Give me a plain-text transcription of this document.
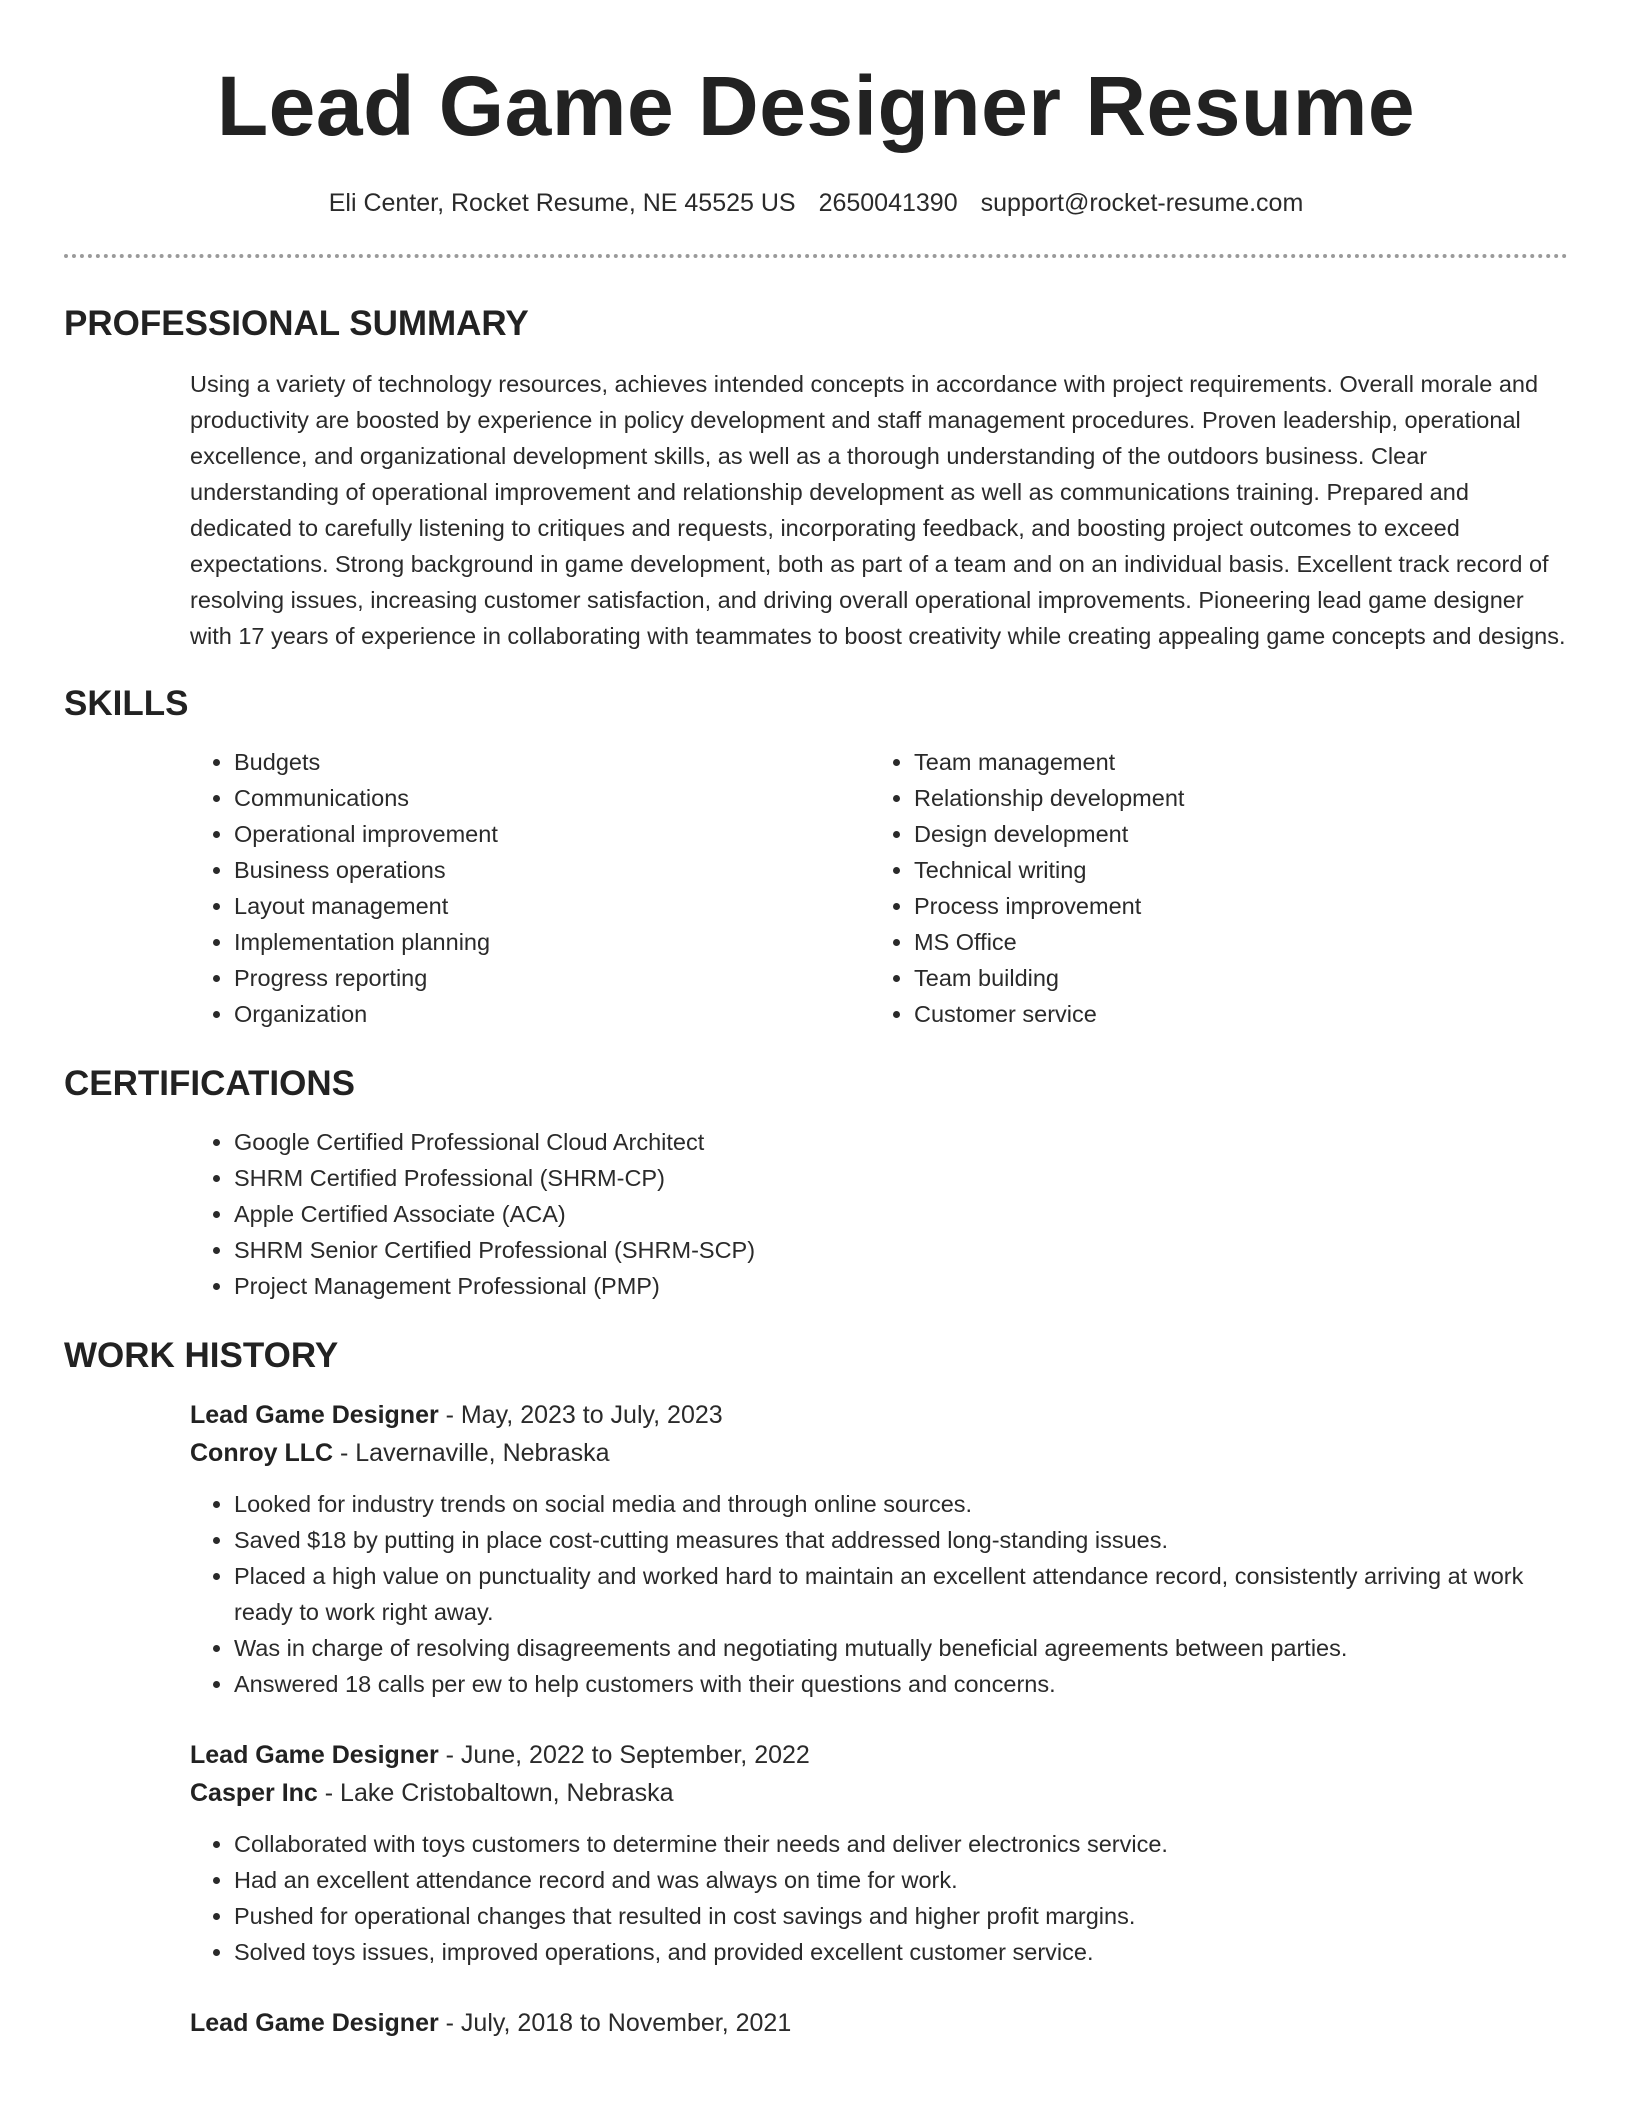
Lead Game Designer Resume
Eli Center, Rocket Resume, NE 45525 US 2650041390 support@rocket-resume.com
PROFESSIONAL SUMMARY
Using a variety of technology resources, achieves intended concepts in accordance with project requirements. Overall morale and productivity are boosted by experience in policy development and staff management procedures. Proven leadership, operational excellence, and organizational development skills, as well as a thorough understanding of the outdoors business. Clear understanding of operational improvement and relationship development as well as communications training. Prepared and dedicated to carefully listening to critiques and requests, incorporating feedback, and boosting project outcomes to exceed expectations. Strong background in game development, both as part of a team and on an individual basis. Excellent track record of resolving issues, increasing customer satisfaction, and driving overall operational improvements. Pioneering lead game designer with 17 years of experience in collaborating with teammates to boost creativity while creating appealing game concepts and designs.
SKILLS
• Budgets
• Communications
• Operational improvement
• Business operations
• Layout management
• Implementation planning
• Progress reporting
• Organization
• Team management
• Relationship development
• Design development
• Technical writing
• Process improvement
• MS Office
• Team building
• Customer service
CERTIFICATIONS
• Google Certified Professional Cloud Architect
• SHRM Certified Professional (SHRM-CP)
• Apple Certified Associate (ACA)
• SHRM Senior Certified Professional (SHRM-SCP)
• Project Management Professional (PMP)
WORK HISTORY
Lead Game Designer - May, 2023 to July, 2023
Conroy LLC - Lavernaville, Nebraska
• Looked for industry trends on social media and through online sources.
• Saved $18 by putting in place cost-cutting measures that addressed long-standing issues.
• Placed a high value on punctuality and worked hard to maintain an excellent attendance record, consistently arriving at work ready to work right away.
• Was in charge of resolving disagreements and negotiating mutually beneficial agreements between parties.
• Answered 18 calls per ew to help customers with their questions and concerns.
Lead Game Designer - June, 2022 to September, 2022
Casper Inc - Lake Cristobaltown, Nebraska
• Collaborated with toys customers to determine their needs and deliver electronics service.
• Had an excellent attendance record and was always on time for work.
• Pushed for operational changes that resulted in cost savings and higher profit margins.
• Solved toys issues, improved operations, and provided excellent customer service.
Lead Game Designer - July, 2018 to November, 2021
